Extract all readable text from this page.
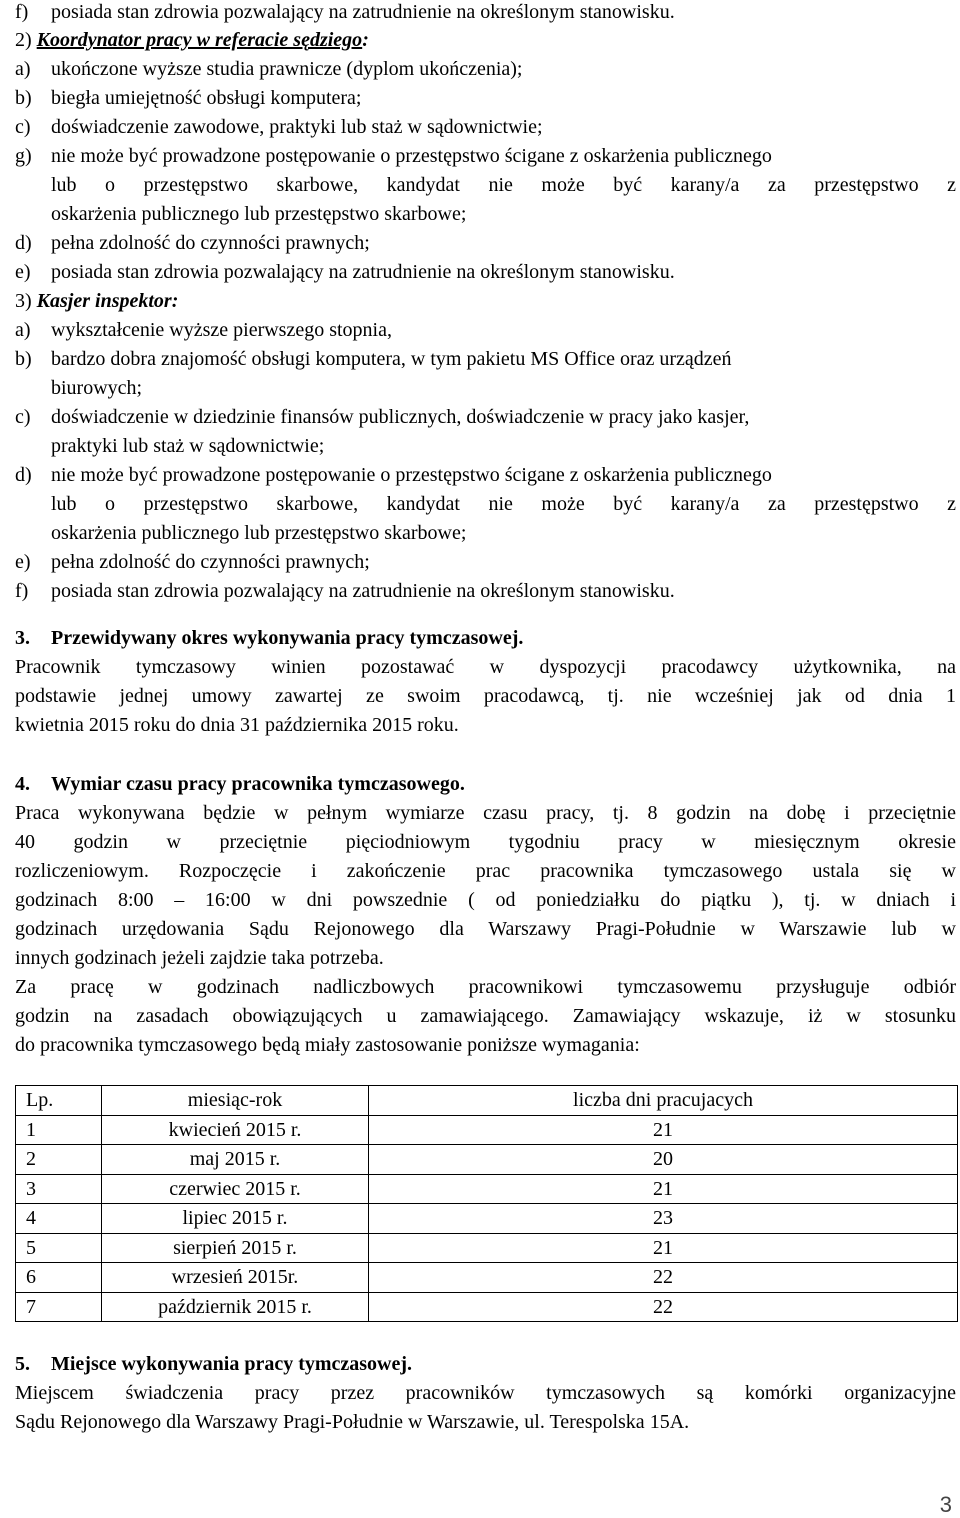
f) posiada stan zdrowia pozwalający na zatrudnienie na określonym stanowisku.
2) Koordynator pracy w referacie sędziego:
a) ukończone wyższe studia prawnicze (dyplom ukończenia);
b) biegła umiejętność obsługi komputera;
c) doświadczenie zawodowe, praktyki lub staż w sądownictwie;
g) nie może być prowadzone postępowanie o przestępstwo ścigane z oskarżenia publicznego
lub o przestępstwo skarbowe, kandydat nie może być karany/a za przestępstwo z
oskarżenia publicznego lub przestępstwo skarbowe;
d) pełna zdolność do czynności prawnych;
e) posiada stan zdrowia pozwalający na zatrudnienie na określonym stanowisku.
3) Kasjer inspektor:
a) wykształcenie wyższe pierwszego stopnia,
b) bardzo dobra znajomość obsługi komputera, w tym pakietu MS Office oraz urządzeń
biurowych;
c) doświadczenie w dziedzinie finansów publicznych, doświadczenie w pracy jako kasjer,
praktyki lub staż w sądownictwie;
d) nie może być prowadzone postępowanie o przestępstwo ścigane z oskarżenia publicznego
lub o przestępstwo skarbowe, kandydat nie może być karany/a za przestępstwo z
oskarżenia publicznego lub przestępstwo skarbowe;
e) pełna zdolność do czynności prawnych;
f) posiada stan zdrowia pozwalający na zatrudnienie na określonym stanowisku.
3. Przewidywany okres wykonywania pracy tymczasowej.
Pracownik tymczasowy winien pozostawać w dyspozycji pracodawcy użytkownika, na
podstawie jednej umowy zawartej ze swoim pracodawcą, tj. nie wcześniej jak od dnia 1
kwietnia 2015 roku do dnia 31 października 2015 roku.
4. Wymiar czasu pracy pracownika tymczasowego.
Praca wykonywana będzie w pełnym wymiarze czasu pracy, tj. 8 godzin na dobę i przeciętnie
40 godzin w przeciętnie pięciodniowym tygodniu pracy w miesięcznym okresie
rozliczeniowym. Rozpoczęcie i zakończenie prac pracownika tymczasowego ustala się w
godzinach 8:00 – 16:00 w dni powszednie ( od poniedziałku do piątku ), tj. w dniach i
godzinach urzędowania Sądu Rejonowego dla Warszawy Pragi-Południe w Warszawie lub w
innych godzinach jeżeli zajdzie taka potrzeba.
Za pracę w godzinach nadliczbowych pracownikowi tymczasowemu przysługuje odbiór
godzin na zasadach obowiązujących u zamawiającego. Zamawiający wskazuje, iż w stosunku
do pracownika tymczasowego będą miały zastosowanie poniższe wymagania:
Lp.	miesiąc-rok	liczba dni pracujacych
1	kwiecień 2015 r.	21
2	maj 2015 r.	20
3	czerwiec 2015 r.	21
4	lipiec 2015 r.	23
5	sierpień 2015 r.	21
6	wrzesień 2015r.	22
7	październik 2015 r.	22
5. Miejsce wykonywania pracy tymczasowej.
Miejscem świadczenia pracy przez pracowników tymczasowych są komórki organizacyjne
Sądu Rejonowego dla Warszawy Pragi-Południe w Warszawie, ul. Terespolska 15A.
3
